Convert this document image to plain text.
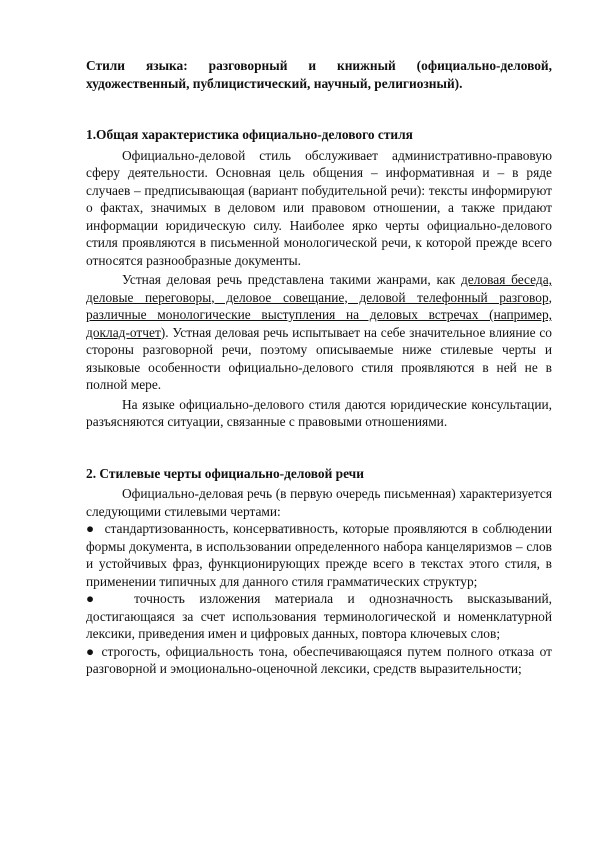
Стили языка: разговорный и книжный (официально-деловой, художественный, публицистический, научный, религиозный).

1.Общая характеристика официально-делового стиля

Официально-деловой стиль обслуживает административно-правовую сферу деятельности. Основная цель общения – информативная и – в ряде случаев – предписывающая (вариант побудительной речи): тексты информируют о фактах, значимых в деловом или правовом отношении, а также придают информации юридическую силу. Наиболее ярко черты официально-делового стиля проявляются в письменной монологической речи, к которой прежде всего относятся разнообразные документы.

Устная деловая речь представлена такими жанрами, как деловая беседа, деловые переговоры, деловое совещание, деловой телефонный разговор, различные монологические выступления на деловых встречах (например, доклад-отчет). Устная деловая речь испытывает на себе значительное влияние со стороны разговорной речи, поэтому описываемые ниже стилевые черты и языковые особенности официально-делового стиля проявляются в ней не в полной мере.

На языке официально-делового стиля даются юридические консультации, разъясняются ситуации, связанные с правовыми отношениями.

2. Стилевые черты официально-деловой речи

Официально-деловая речь (в первую очередь письменная) характеризуется следующими стилевыми чертами:

● стандартизованность, консервативность, которые проявляются в соблюдении формы документа, в использовании определенного набора канцеляризмов – слов и устойчивых фраз, функционирующих прежде всего в текстах этого стиля, в применении типичных для данного стиля грамматических структур;

● точность изложения материала и однозначность высказываний, достигающаяся за счет использования терминологической и номенклатурной лексики, приведения имен и цифровых данных, повтора ключевых слов;

● строгость, официальность тона, обеспечивающаяся путем полного отказа от разговорной и эмоционально-оценочной лексики, средств выразительности;
